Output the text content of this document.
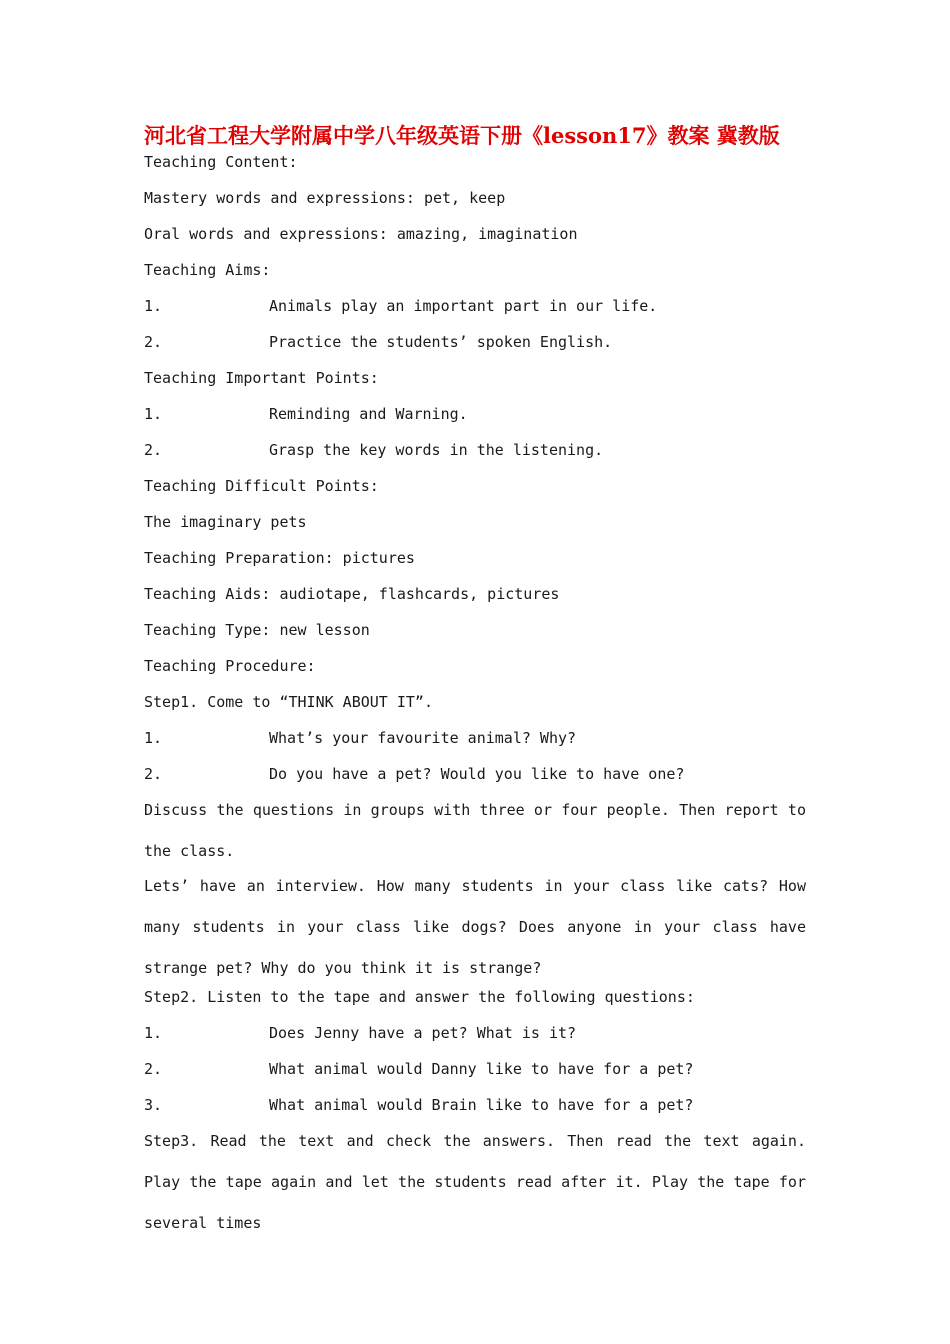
河北省工程大学附属中学八年级英语下册《lesson17》教案 冀教版
Teaching Content:
Mastery words and expressions: pet, keep
Oral words and expressions: amazing, imagination
Teaching Aims:
1.	Animals play an important part in our life.
2.	Practice the students’ spoken English.
Teaching Important Points:
1.	Reminding and Warning.
2.	Grasp the key words in the listening.
Teaching Difficult Points:
The imaginary pets
Teaching Preparation: pictures
Teaching Aids: audiotape, flashcards, pictures
Teaching Type: new lesson
Teaching Procedure:
Step1. Come to “THINK ABOUT IT”.
1.	What’s your favourite animal? Why?
2.	Do you have a pet? Would you like to have one?

Discuss the questions in groups with three or four people. Then report to the class.

Lets’ have an interview. How many students in your class like cats? How many students in your class like dogs? Does anyone in your class have strange pet? Why do you think it is strange?

Step2. Listen to the tape and answer the following questions:
1.	Does Jenny have a pet? What is it?
2.	What animal would Danny like to have for a pet?
3.	What animal would Brain like to have for a pet?

Step3. Read the text and check the answers. Then read the text again. Play the tape again and let the students read after it. Play the tape for several times
